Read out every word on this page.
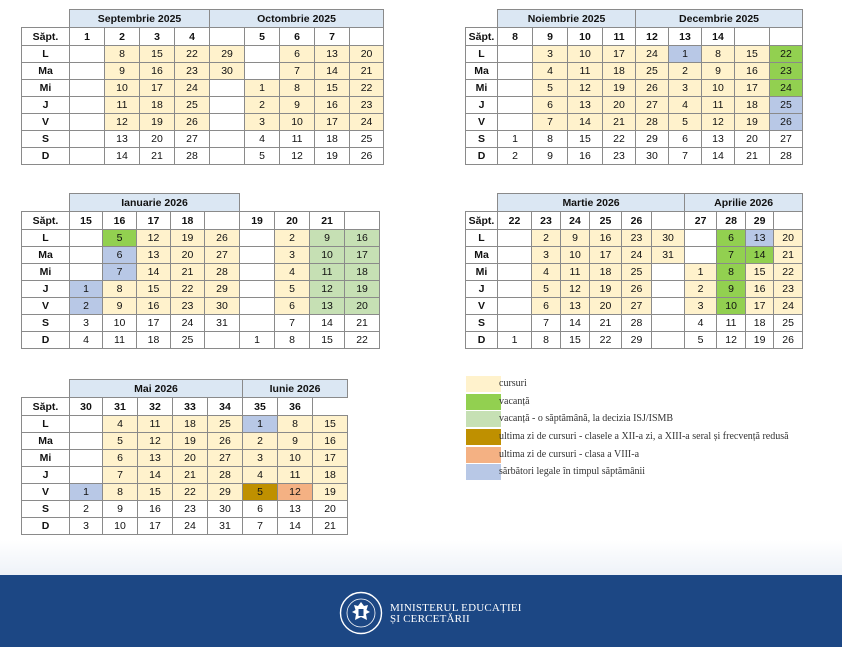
	Septembrie 2025				Octombrie 2025				
Săpt.	1	2	3	4		5	6	7	
L		8	15	22	29		6	13	20
Ma		9	16	23	30		7	14	21
Mi		10	17	24		1	8	15	22
J		11	18	25		2	9	16	23
V		12	19	26		3	10	17	24
S		13	20	27		4	11	18	25
D		14	21	28		5	12	19	26
	Noiembrie 2025				Decembrie 2025				
Săpt.	8	9	10	11	12	13	14		
L		3	10	17	24	1	8	15	22
Ma		4	11	18	25	2	9	16	23
Mi		5	12	19	26	3	10	17	24
J		6	13	20	27	4	11	18	25
V		7	14	21	28	5	12	19	26
S	1	8	15	22	29	6	13	20	27
D	2	9	16	23	30	7	14	21	28
	Ianuarie 2026								
Săpt.	15	16	17	18		19	20	21	
L		5	12	19	26		2	9	16
Ma		6	13	20	27		3	10	17
Mi		7	14	21	28		4	11	18
J	1	8	15	22	29		5	12	19
V	2	9	16	23	30		6	13	20
S	3	10	17	24	31		7	14	21
D	4	11	18	25		1	8	15	22
	Martie 2026						Aprilie 2026			
Săpt.	22	23	24	25	26		27	28	29	
L		2	9	16	23	30		6	13	20
Ma		3	10	17	24	31		7	14	21
Mi		4	11	18	25		1	8	15	22
J		5	12	19	26		2	9	16	23
V		6	13	20	27		3	10	17	24
S		7	14	21	28		4	11	18	25
D	1	8	15	22	29		5	12	19	26
	Mai 2026					Iunie 2026		
Săpt.	30	31	32	33	34	35	36	
L		4	11	18	25	1	8	15
Ma		5	12	19	26	2	9	16
Mi		6	13	20	27	3	10	17
J		7	14	21	28	4	11	18
V	1	8	15	22	29	5	12	19
S	2	9	16	23	30	6	13	20
D	3	10	17	24	31	7	14	21
cursuri
vacanță
vacanță - o săptămână, la decizia ISJ/ISMB
ultima zi de cursuri - clasele a XII-a zi, a XIII-a seral și frecvență redusă
ultima zi de cursuri - clasa a VIII-a
sărbători legale în timpul săptămânii
MINISTERUL EDUCAȚIEI
ȘI CERCETĂRII
